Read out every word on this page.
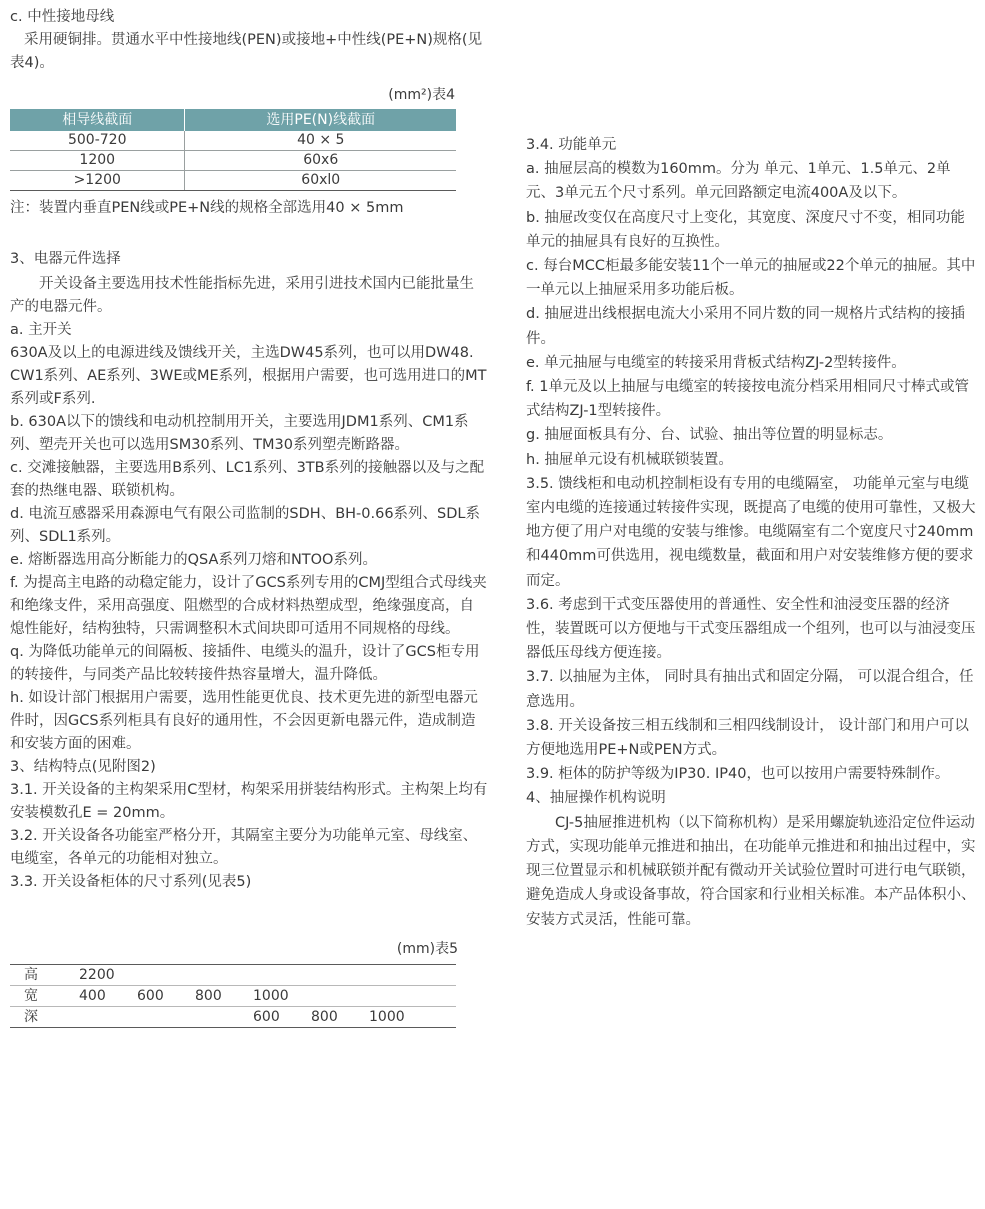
c. 中性接地母线

采用硬铜排。贯通水平中性接地线(PEN)或接地+中性线(PE+N)规格(见表4)。

(mm²)表4
相导线截面	选用PE(N)线截面
500-720	40 × 5
1200	60x6
>1200	60xl0

注：装置内垂直PEN线或PE+N线的规格全部选用40 × 5mm

3、电器元件选择

开关设备主要选用技术性能指标先进，采用引进技术国内已能批量生产的电器元件。

a. 主开关

630A及以上的电源进线及馈线开关，主选DW45系列，也可以用DW48. CW1系列、AE系列、3WE或ME系列，根据用户需要，也可选用进口的MT系列或F系列.

b. 630A以下的馈线和电动机控制用开关，主要选用JDM1系列、CM1系列、塑壳开关也可以选用SM30系列、TM30系列塑壳断路器。

c. 交滩接触器，主要选用B系列、LC1系列、3TB系列的接触器以及与之配套的热继电器、联锁机构。

d. 电流互感器采用森源电气有限公司监制的SDH、BH-0.66系列、SDL系列、SDL1系列。

e. 熔断器选用高分断能力的QSA系列刀熔和NTOO系列。

f. 为提高主电路的动稳定能力，设计了GCS系列专用的CMJ型组合式母线夹和绝缘支件，采用高强度、阻燃型的合成材料热塑成型，绝缘强度高，自熄性能好，结构独特，只需调整积木式间块即可适用不同规格的母线。

q. 为降低功能单元的间隔板、接插件、电缆头的温升，设计了GCS柜专用的转接件，与同类产品比较转接件热容量增大，温升降低。

h. 如设计部门根据用户需要，选用性能更优良、技术更先进的新型电器元件时，因GCS系列柜具有良好的通用性，不会因更新电器元件，造成制造和安装方面的困难。

3、结构特点(见附图2)

3.1. 开关设备的主构架采用C型材，构架采用拼装结构形式。主构架上均有安装模数孔E = 20mm。

3.2. 开关设备各功能室严格分开，其隔室主要分为功能单元室、母线室、电缆室，各单元的功能相对独立。

3.3. 开关设备柜体的尺寸系列(见表5)

(mm)表5
高	2200					
宽	400	600	800	1000		
深				600	800	1000

3.4. 功能单元

a. 抽屉层高的模数为160mm。分为 单元、1单元、1.5单元、2单元、3单元五个尺寸系列。单元回路额定电流400A及以下。

b. 抽屉改变仅在高度尺寸上变化，其宽度、深度尺寸不变，相同功能单元的抽屉具有良好的互换性。

c. 每台MCC柜最多能安装11个一单元的抽屉或22个单元的抽屉。其中一单元以上抽屉采用多功能后板。

d. 抽屉进出线根据电流大小采用不同片数的同一规格片式结构的接插件。

e. 单元抽屉与电缆室的转接采用背板式结构ZJ-2型转接件。

f. 1单元及以上抽屉与电缆室的转接按电流分档采用相同尺寸棒式或管式结构ZJ-1型转接件。

g. 抽屉面板具有分、台、试验、抽出等位置的明显标志。

h. 抽屉单元设有机械联锁装置。

3.5. 馈线柜和电动机控制柜设有专用的电缆隔室， 功能单元室与电缆室内电缆的连接通过转接件实现，既提高了电缆的使用可靠性，又极大地方便了用户对电缆的安装与维惨。电缆隔室有二个宽度尺寸240mm和440mm可供选用，视电缆数量，截面和用户对安装维修方便的要求而定。

3.6. 考虑到干式变压器使用的普通性、安全性和油浸变压器的经济性，装置既可以方便地与干式变压器组成一个组列，也可以与油浸变压器低压母线方便连接。

3.7. 以抽屉为主体， 同时具有抽出式和固定分隔， 可以混合组合，任意选用。

3.8. 开关设备按三相五线制和三相四线制设计， 设计部门和用户可以方便地选用PE+N或PEN方式。

3.9. 柜体的防护等级为IP30. IP40，也可以按用户需要特殊制作。

4、抽屉操作机构说明

CJ-5抽屉推进机构（以下简称机构）是采用螺旋轨迹沿定位件运动方式，实现功能单元推进和抽出，在功能单元推进和和抽出过程中，实现三位置显示和机械联锁并配有微动开关试验位置时可进行电气联锁，避免造成人身或设备事故，符合国家和行业相关标准。本产品体积小、安装方式灵活，性能可靠。
